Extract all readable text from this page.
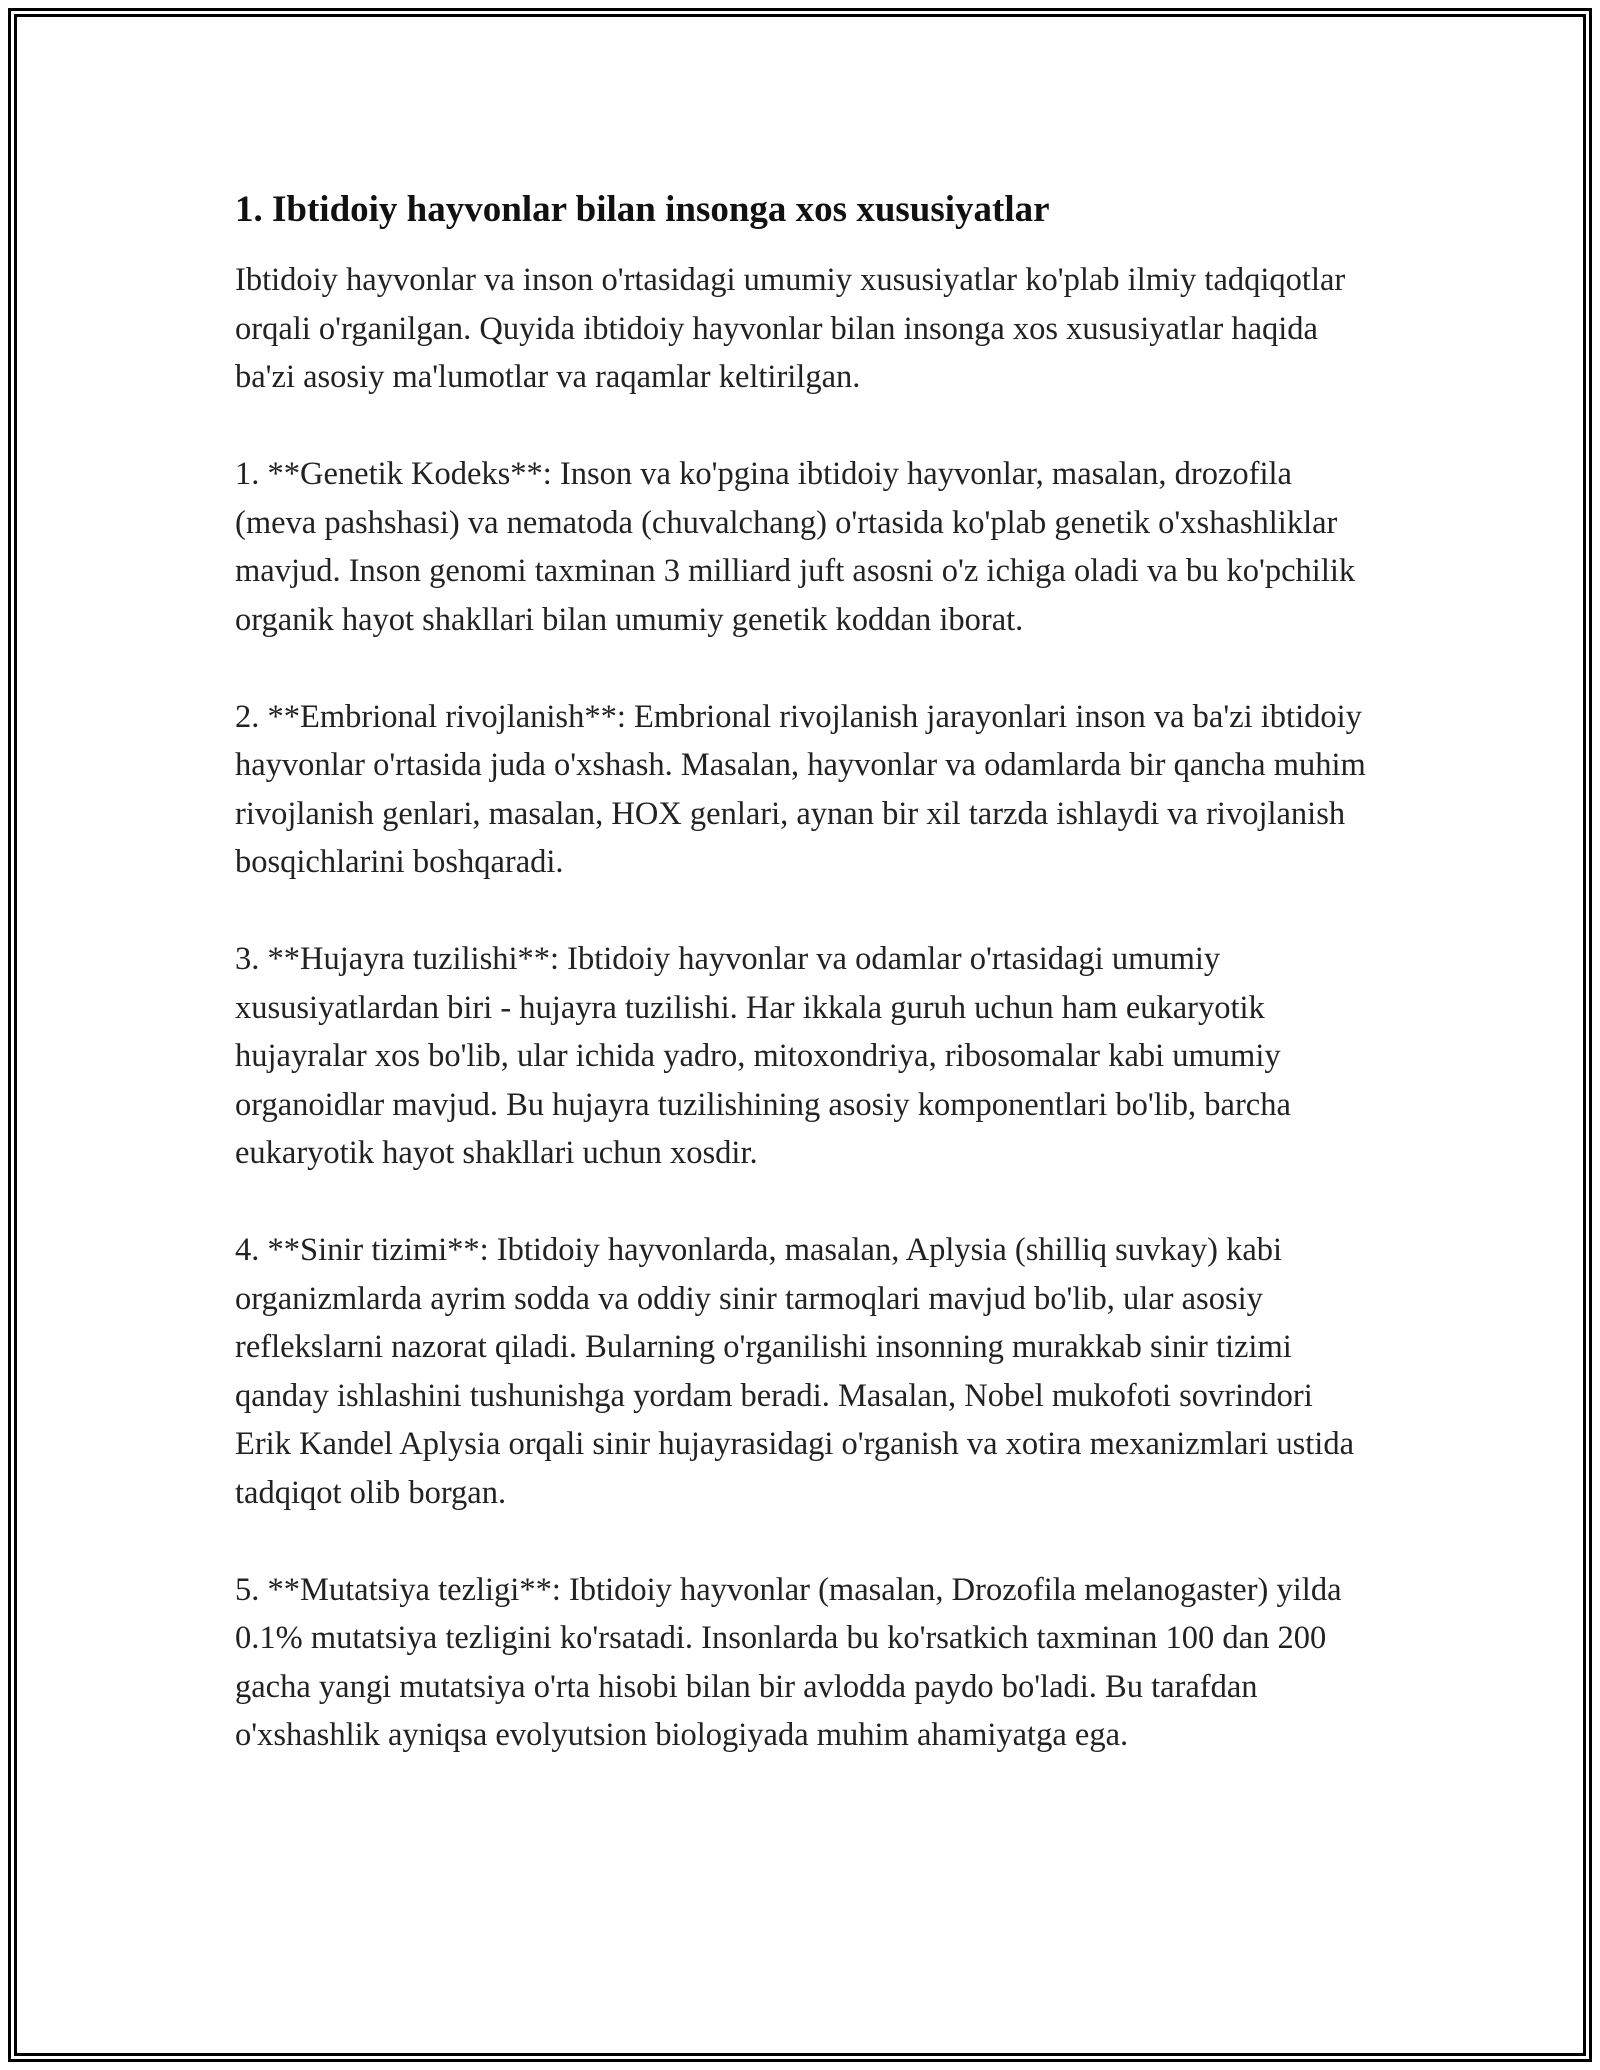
1. Ibtidoiy hayvonlar bilan insonga xos xususiyatlar

Ibtidoiy hayvonlar va inson o'rtasidagi umumiy xususiyatlar ko'plab ilmiy tadqiqotlar orqali o'rganilgan. Quyida ibtidoiy hayvonlar bilan insonga xos xususiyatlar haqida ba'zi asosiy ma'lumotlar va raqamlar keltirilgan.

1. **Genetik Kodeks**: Inson va ko'pgina ibtidoiy hayvonlar, masalan, drozofila (meva pashshasi) va nematoda (chuvalchang) o'rtasida ko'plab genetik o'xshashliklar mavjud. Inson genomi taxminan 3 milliard juft asosni o'z ichiga oladi va bu ko'pchilik organik hayot shakllari bilan umumiy genetik koddan iborat.

2. **Embrional rivojlanish**: Embrional rivojlanish jarayonlari inson va ba'zi ibtidoiy hayvonlar o'rtasida juda o'xshash. Masalan, hayvonlar va odamlarda bir qancha muhim rivojlanish genlari, masalan, HOX genlari, aynan bir xil tarzda ishlaydi va rivojlanish bosqichlarini boshqaradi.

3. **Hujayra tuzilishi**: Ibtidoiy hayvonlar va odamlar o'rtasidagi umumiy xususiyatlardan biri - hujayra tuzilishi. Har ikkala guruh uchun ham eukaryotik hujayralar xos bo'lib, ular ichida yadro, mitoxondriya, ribosomalar kabi umumiy organoidlar mavjud. Bu hujayra tuzilishining asosiy komponentlari bo'lib, barcha eukaryotik hayot shakllari uchun xosdir.

4. **Sinir tizimi**: Ibtidoiy hayvonlarda, masalan, Aplysia (shilliq suvkay) kabi organizmlarda ayrim sodda va oddiy sinir tarmoqlari mavjud bo'lib, ular asosiy reflekslarni nazorat qiladi. Bularning o'rganilishi insonning murakkab sinir tizimi qanday ishlashini tushunishga yordam beradi. Masalan, Nobel mukofoti sovrindori Erik Kandel Aplysia orqali sinir hujayrasidagi o'rganish va xotira mexanizmlari ustida tadqiqot olib borgan.

5. **Mutatsiya tezligi**: Ibtidoiy hayvonlar (masalan, Drozofila melanogaster) yilda 0.1% mutatsiya tezligini ko'rsatadi. Insonlarda bu ko'rsatkich taxminan 100 dan 200 gacha yangi mutatsiya o'rta hisobi bilan bir avlodda paydo bo'ladi. Bu tarafdan o'xshashlik ayniqsa evolyutsion biologiyada muhim ahamiyatga ega.
